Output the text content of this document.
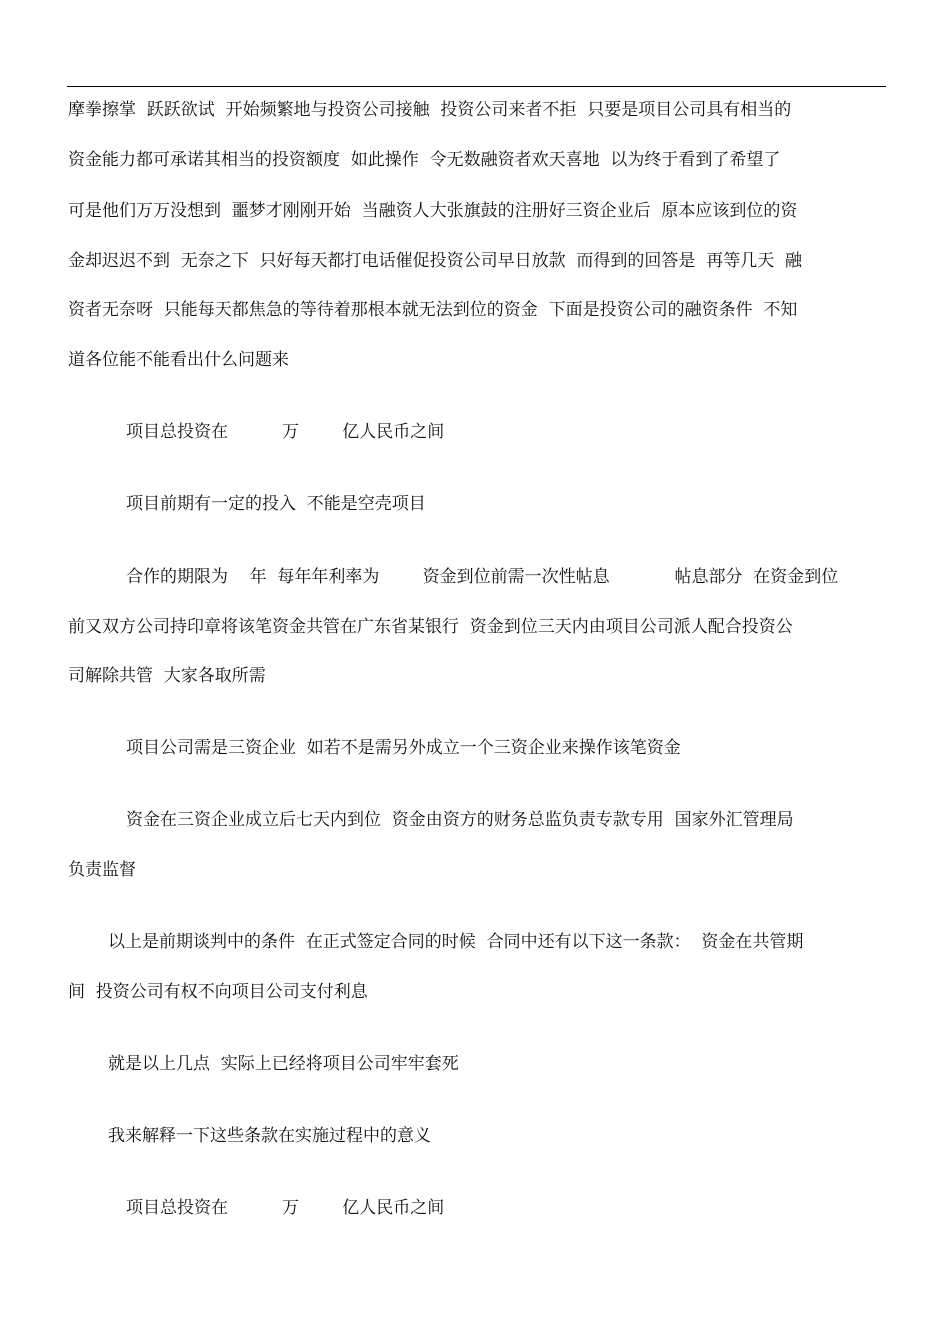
摩拳擦掌  跃跃欲试  开始频繁地与投资公司接触  投资公司来者不拒  只要是项目公司具有相当的
资金能力都可承诺其相当的投资额度  如此操作  令无数融资者欢天喜地  以为终于看到了希望了
可是他们万万没想到  噩梦才刚刚开始  当融资人大张旗鼓的注册好三资企业后  原本应该到位的资
金却迟迟不到  无奈之下  只好每天都打电话催促投资公司早日放款  而得到的回答是  再等几天  融
资者无奈呀  只能每天都焦急的等待着那根本就无法到位的资金  下面是投资公司的融资条件  不知
道各位能不能看出什么问题来
项目总投资在          万        亿人民币之间
项目前期有一定的投入  不能是空壳项目
合作的期限为    年  每年年利率为        资金到位前需一次性帖息            帖息部分  在资金到位
前又双方公司持印章将该笔资金共管在广东省某银行  资金到位三天内由项目公司派人配合投资公
司解除共管  大家各取所需
项目公司需是三资企业  如若不是需另外成立一个三资企业来操作该笔资金
资金在三资企业成立后七天内到位  资金由资方的财务总监负责专款专用  国家外汇管理局
负责监督
以上是前期谈判中的条件  在正式签定合同的时候  合同中还有以下这一条款：  资金在共管期
间  投资公司有权不向项目公司支付利息
就是以上几点  实际上已经将项目公司牢牢套死
我来解释一下这些条款在实施过程中的意义
项目总投资在          万        亿人民币之间
